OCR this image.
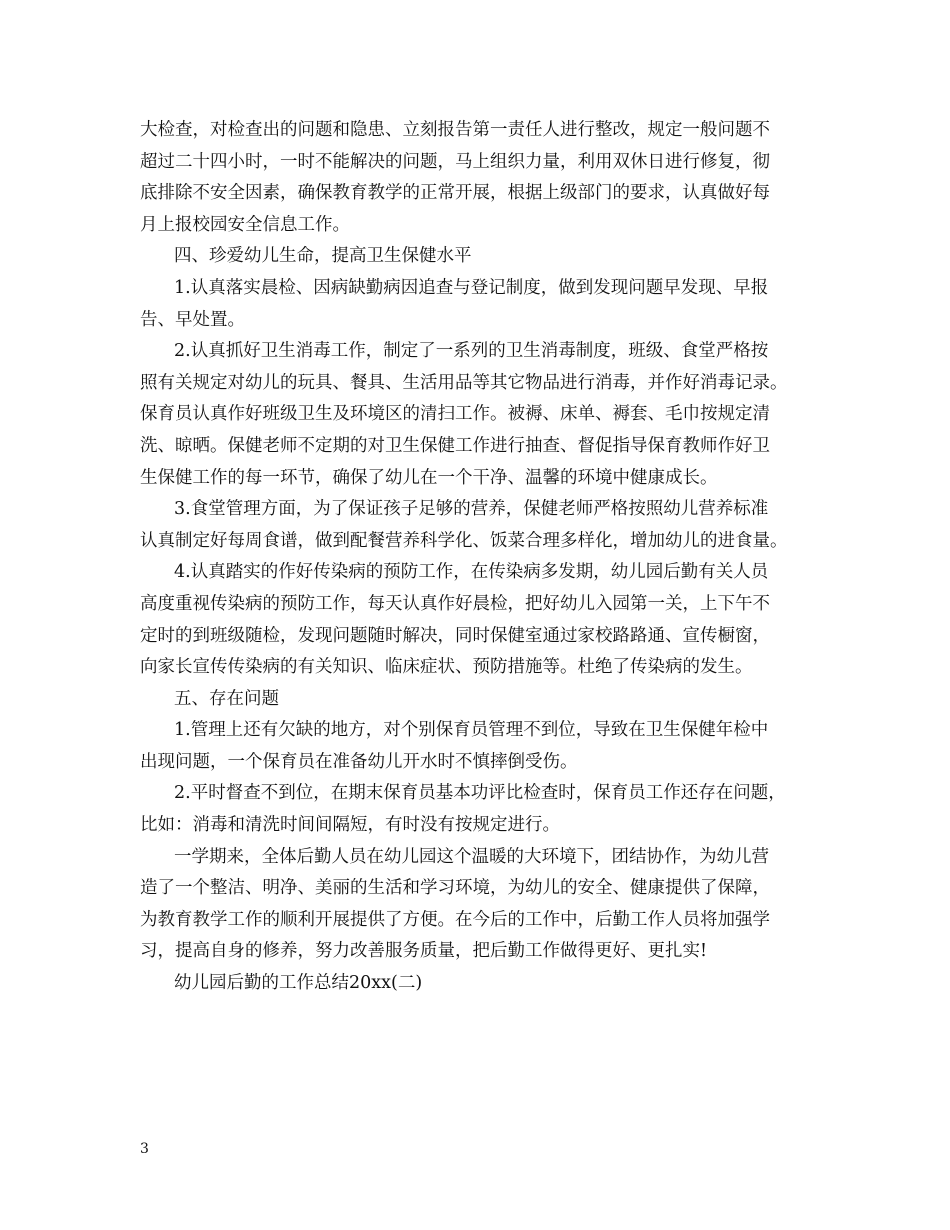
大检查，对检查出的问题和隐患、立刻报告第一责任人进行整改，规定一般问题不
超过二十四小时，一时不能解决的问题，马上组织力量，利用双休日进行修复，彻
底排除不安全因素，确保教育教学的正常开展，根据上级部门的要求，认真做好每
月上报校园安全信息工作。
四、珍爱幼儿生命，提高卫生保健水平
1.认真落实晨检、因病缺勤病因追查与登记制度，做到发现问题早发现、早报
告、早处置。
2.认真抓好卫生消毒工作，制定了一系列的卫生消毒制度，班级、食堂严格按
照有关规定对幼儿的玩具、餐具、生活用品等其它物品进行消毒，并作好消毒记录。
保育员认真作好班级卫生及环境区的清扫工作。被褥、床单、褥套、毛巾按规定清
洗、晾晒。保健老师不定期的对卫生保健工作进行抽查、督促指导保育教师作好卫
生保健工作的每一环节，确保了幼儿在一个干净、温馨的环境中健康成长。
3.食堂管理方面，为了保证孩子足够的营养，保健老师严格按照幼儿营养标准
认真制定好每周食谱，做到配餐营养科学化、饭菜合理多样化，增加幼儿的进食量。
4.认真踏实的作好传染病的预防工作，在传染病多发期，幼儿园后勤有关人员
高度重视传染病的预防工作，每天认真作好晨检，把好幼儿入园第一关，上下午不
定时的到班级随检，发现问题随时解决，同时保健室通过家校路路通、宣传橱窗，
向家长宣传传染病的有关知识、临床症状、预防措施等。杜绝了传染病的发生。
五、存在问题
1.管理上还有欠缺的地方，对个别保育员管理不到位，导致在卫生保健年检中
出现问题，一个保育员在准备幼儿开水时不慎摔倒受伤。
2.平时督查不到位，在期末保育员基本功评比检查时，保育员工作还存在问题，
比如：消毒和清洗时间间隔短，有时没有按规定进行。
一学期来，全体后勤人员在幼儿园这个温暖的大环境下，团结协作，为幼儿营
造了一个整洁、明净、美丽的生活和学习环境，为幼儿的安全、健康提供了保障，
为教育教学工作的顺利开展提供了方便。在今后的工作中，后勤工作人员将加强学
习，提高自身的修养，努力改善服务质量，把后勤工作做得更好、更扎实!
幼儿园后勤的工作总结20xx(二)
3
